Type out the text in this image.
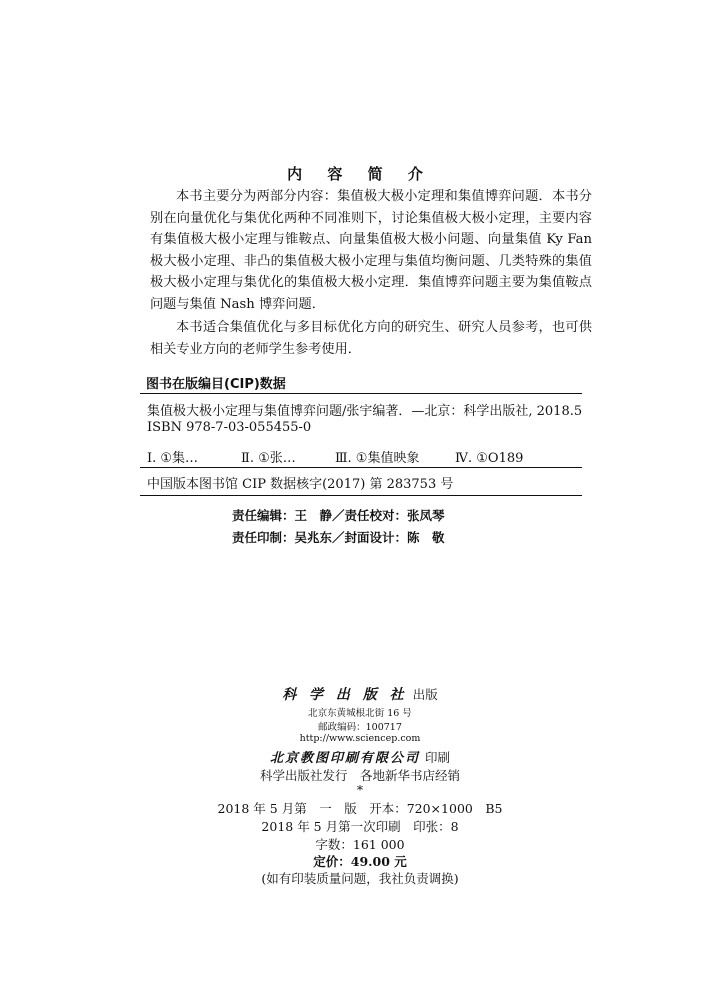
内 容 简 介

本书主要分为两部分内容：集值极大极小定理和集值博弈问题．本书分别在向量优化与集优化两种不同准则下，讨论集值极大极小定理，主要内容有集值极大极小定理与锥鞍点、向量集值极大极小问题、向量集值 Ky Fan 极大极小定理、非凸的集值极大极小定理与集值均衡问题、几类特殊的集值极大极小定理与集优化的集值极大极小定理．集值博弈问题主要为集值鞍点问题与集值 Nash 博弈问题．

本书适合集值优化与多目标优化方向的研究生、研究人员参考，也可供相关专业方向的老师学生参考使用．

图书在版编目(CIP)数据
集值极大极小定理与集值博弈问题/张宇编著．—北京：科学出版社, 2018.5
ISBN 978-7-03-055455-0
Ⅰ. ①集…	Ⅱ. ①张…	Ⅲ. ①集值映象	Ⅳ. ①O189
中国版本图书馆 CIP 数据核字(2017) 第 283753 号
责任编辑：王　静／责任校对：张凤琴
责任印制：吴兆东／封面设计：陈　敬
科 学 出 版 社 出版
北京东黄城根北街 16 号
邮政编码：100717
http://www.sciencep.com
北京教图印刷有限公司 印刷
科学出版社发行　各地新华书店经销
*
2018 年 5 月第　一　版　开本：720×1000　B5
2018 年 5 月第一次印刷　印张：8
字数：161 000
定价：49.00 元
(如有印装质量问题，我社负责调换)
